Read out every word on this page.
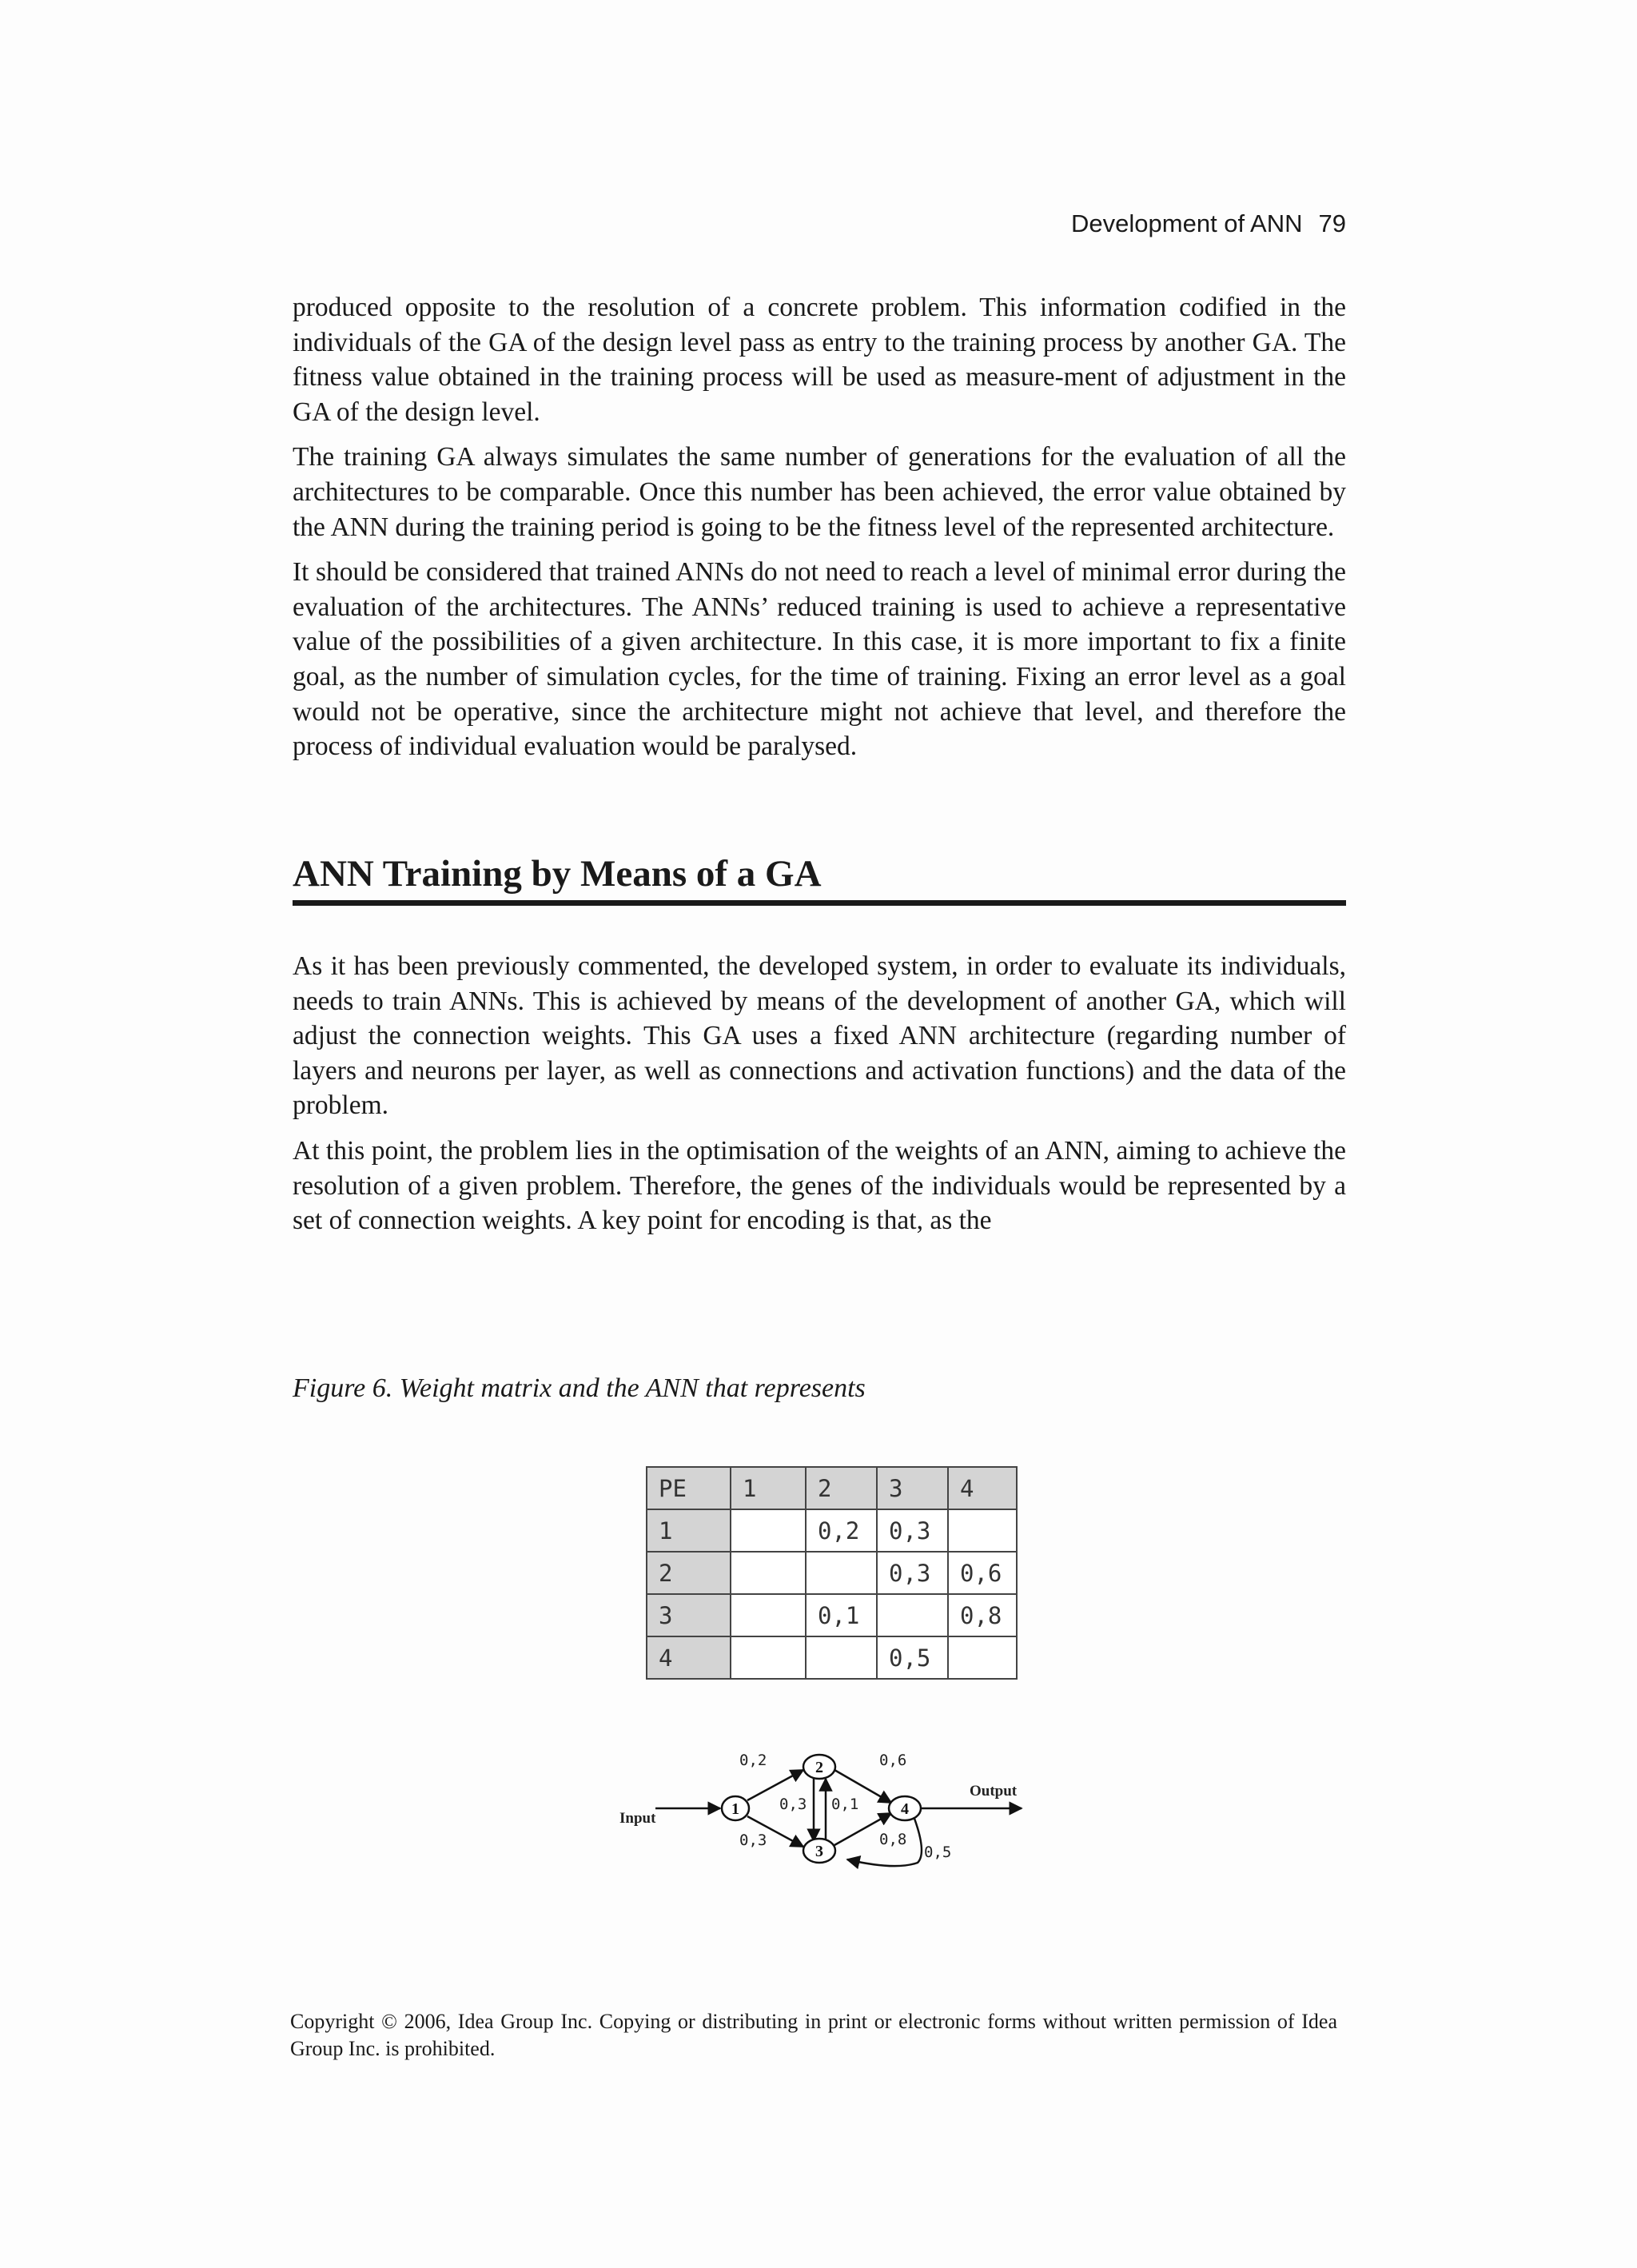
Development of ANN 79

produced opposite to the resolution of a concrete problem. This information codified in the individuals of the GA of the design level pass as entry to the training process by another GA. The fitness value obtained in the training process will be used as measure-ment of adjustment in the GA of the design level.

The training GA always simulates the same number of generations for the evaluation of all the architectures to be comparable. Once this number has been achieved, the error value obtained by the ANN during the training period is going to be the fitness level of the represented architecture.

It should be considered that trained ANNs do not need to reach a level of minimal error during the evaluation of the architectures. The ANNs’ reduced training is used to achieve a representative value of the possibilities of a given architecture. In this case, it is more important to fix a finite goal, as the number of simulation cycles, for the time of training. Fixing an error level as a goal would not be operative, since the architecture might not achieve that level, and therefore the process of individual evaluation would be paralysed.

ANN Training by Means of a GA

As it has been previously commented, the developed system, in order to evaluate its individuals, needs to train ANNs. This is achieved by means of the development of another GA, which will adjust the connection weights. This GA uses a fixed ANN architecture (regarding number of layers and neurons per layer, as well as connections and activation functions) and the data of the problem.

At this point, the problem lies in the optimisation of the weights of an ANN, aiming to achieve the resolution of a given problem. Therefore, the genes of the individuals would be represented by a set of connection weights. A key point for encoding is that, as the

Figure 6. Weight matrix and the ANN that represents
PE	1	2	3	4
1		0,2	0,3	
2			0,3	0,6
3		0,1		0,8
4			0,5	
1
2
3
4
0,2
0,3
0,3 0,1
0,6
0,8
0,5
Input
Output
Copyright © 2006, Idea Group Inc. Copying or distributing in print or electronic forms without written permission of Idea Group Inc. is prohibited.
